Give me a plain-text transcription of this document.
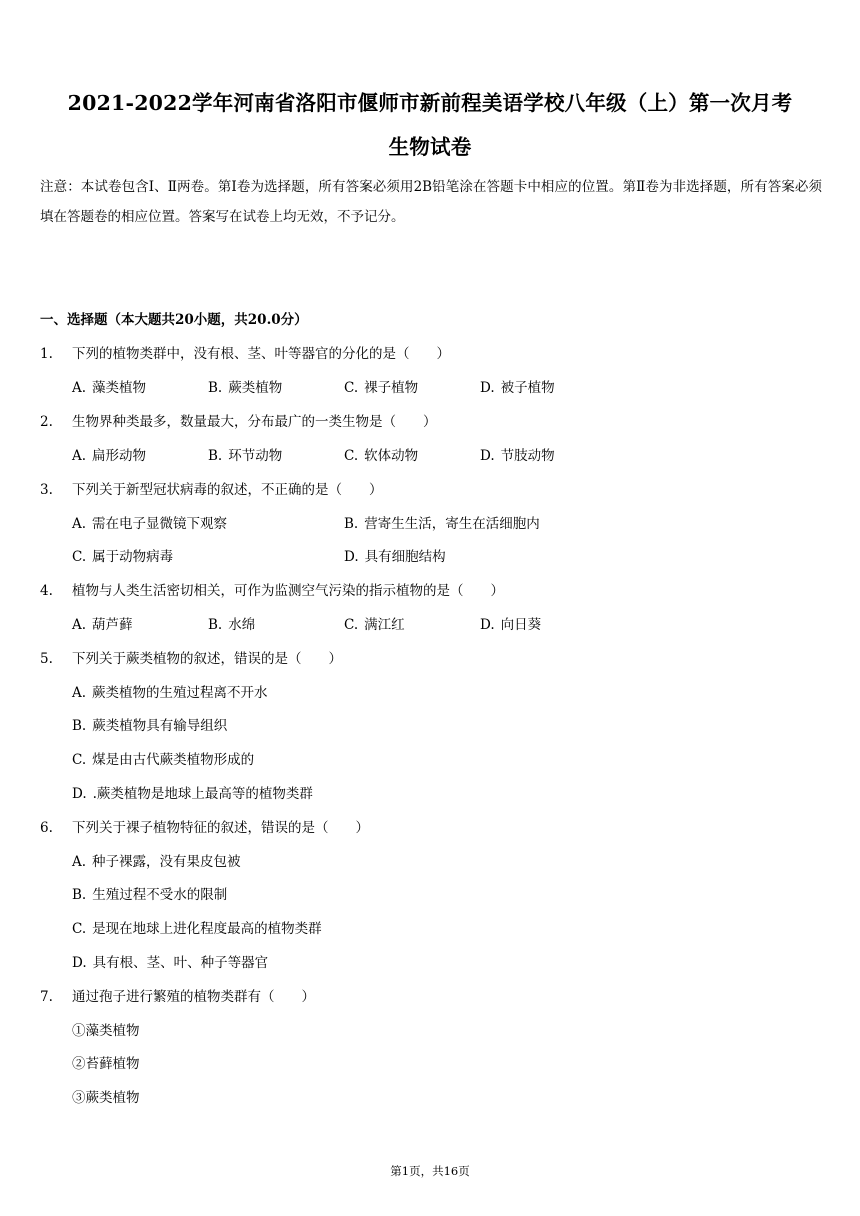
2021-2022学年河南省洛阳市偃师市新前程美语学校八年级（上）第一次月考
生物试卷
注意：本试卷包含Ⅰ、Ⅱ两卷。第Ⅰ卷为选择题，所有答案必须用2B铅笔涂在答题卡中相应的位置。第Ⅱ卷为非选择题，所有答案必须填在答题卷的相应位置。答案写在试卷上均无效，不予记分。
一、选择题（本大题共20小题，共20.0分）
1. 下列的植物类群中，没有根、茎、叶等器官的分化的是（　　）
A. 藻类植物	B. 蕨类植物	C. 裸子植物	D. 被子植物
2. 生物界种类最多，数量最大，分布最广的一类生物是（　　）
A. 扁形动物	B. 环节动物	C. 软体动物	D. 节肢动物
3. 下列关于新型冠状病毒的叙述，不正确的是（　　）
A. 需在电子显微镜下观察	B. 营寄生生活，寄生在活细胞内
C. 属于动物病毒	D. 具有细胞结构
4. 植物与人类生活密切相关，可作为监测空气污染的指示植物的是（　　）
A. 葫芦藓	B. 水绵	C. 满江红	D. 向日葵
5. 下列关于蕨类植物的叙述，错误的是（　　）
A. 蕨类植物的生殖过程离不开水
B. 蕨类植物具有输导组织
C. 煤是由古代蕨类植物形成的
D. .蕨类植物是地球上最高等的植物类群
6. 下列关于裸子植物特征的叙述，错误的是（　　）
A. 种子裸露，没有果皮包被
B. 生殖过程不受水的限制
C. 是现在地球上进化程度最高的植物类群
D. 具有根、茎、叶、种子等器官
7. 通过孢子进行繁殖的植物类群有（　　）
①藻类植物
②苔藓植物
③蕨类植物
第1页，共16页
